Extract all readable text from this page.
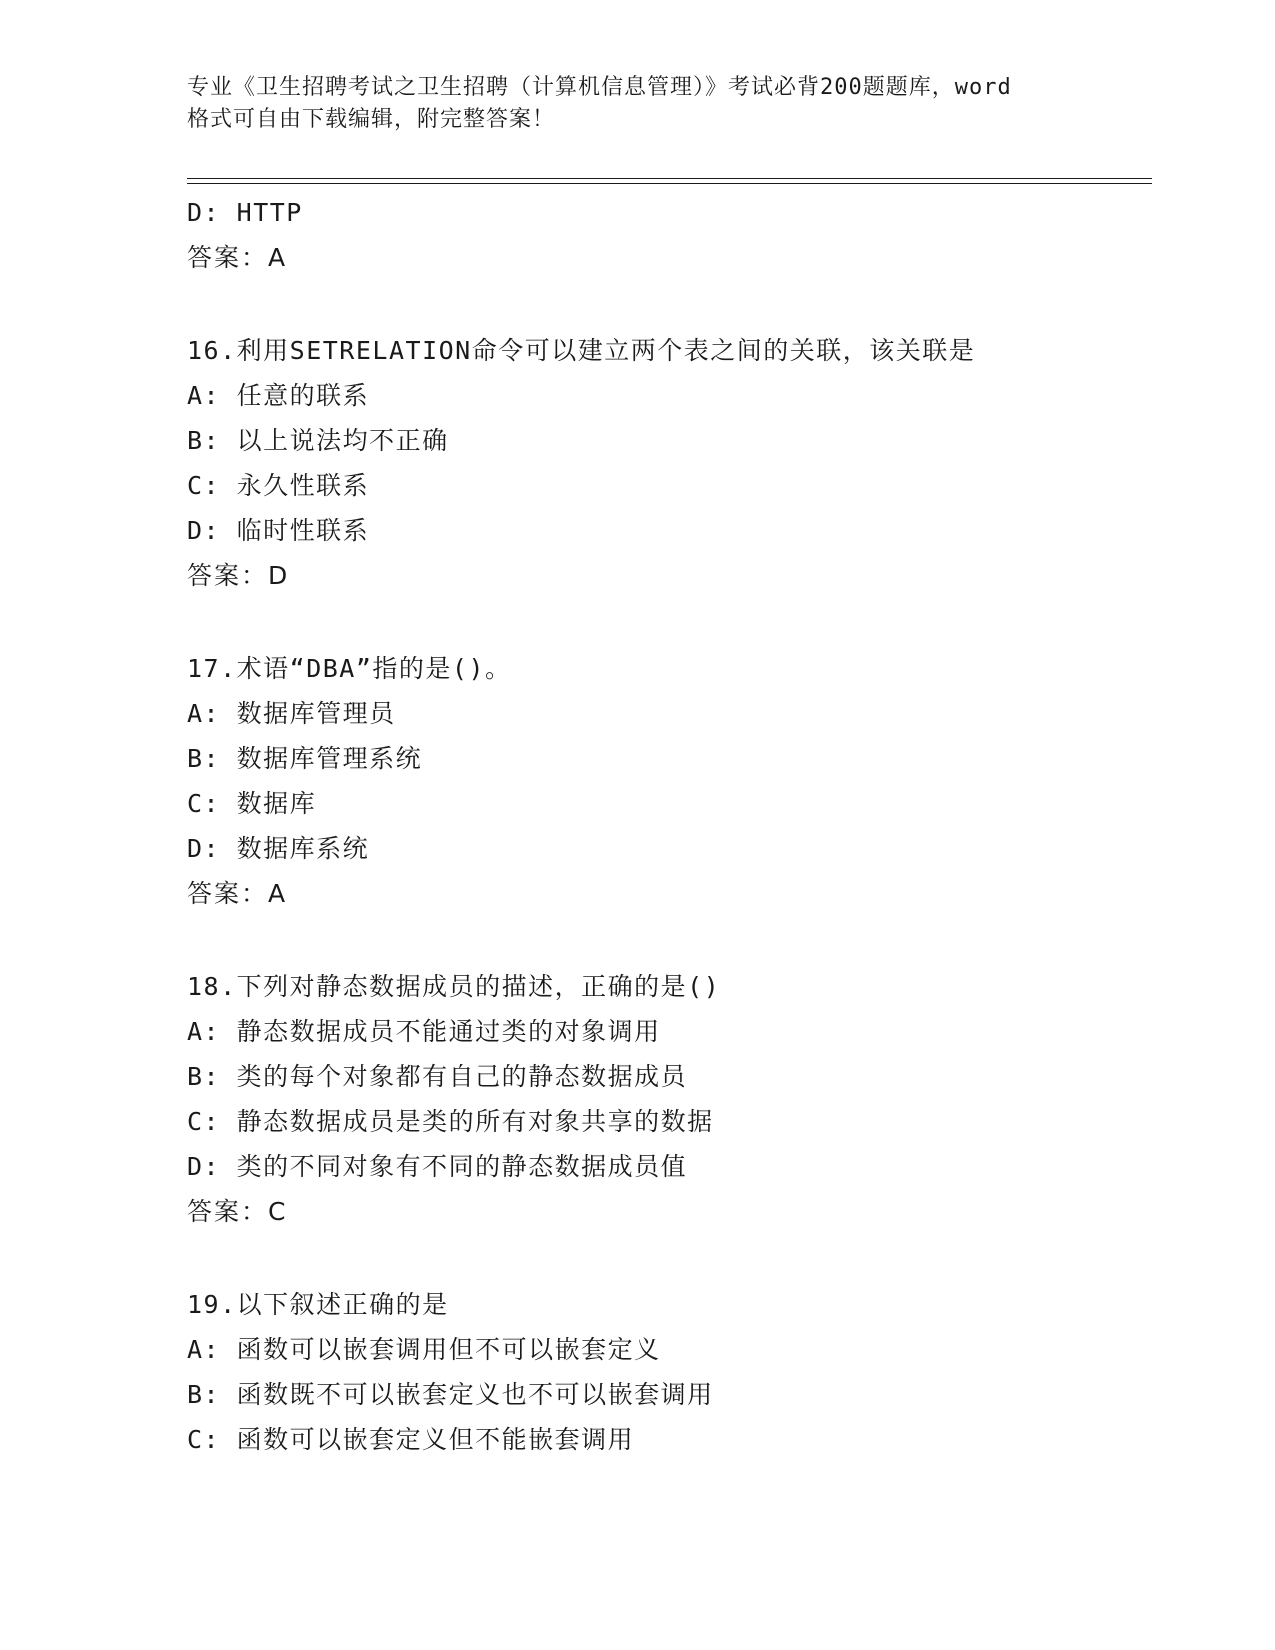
专业《卫生招聘考试之卫生招聘（计算机信息管理）》考试必背200题题库，word
格式可自由下载编辑，附完整答案！
D: HTTP
答案：A
16.利用SETRELATION命令可以建立两个表之间的关联，该关联是
A: 任意的联系
B: 以上说法均不正确
C: 永久性联系
D: 临时性联系
答案：D
17.术语“DBA”指的是()。
A: 数据库管理员
B: 数据库管理系统
C: 数据库
D: 数据库系统
答案：A
18.下列对静态数据成员的描述，正确的是()
A: 静态数据成员不能通过类的对象调用
B: 类的每个对象都有自己的静态数据成员
C: 静态数据成员是类的所有对象共享的数据
D: 类的不同对象有不同的静态数据成员值
答案：C
19.以下叙述正确的是
A: 函数可以嵌套调用但不可以嵌套定义
B: 函数既不可以嵌套定义也不可以嵌套调用
C: 函数可以嵌套定义但不能嵌套调用
